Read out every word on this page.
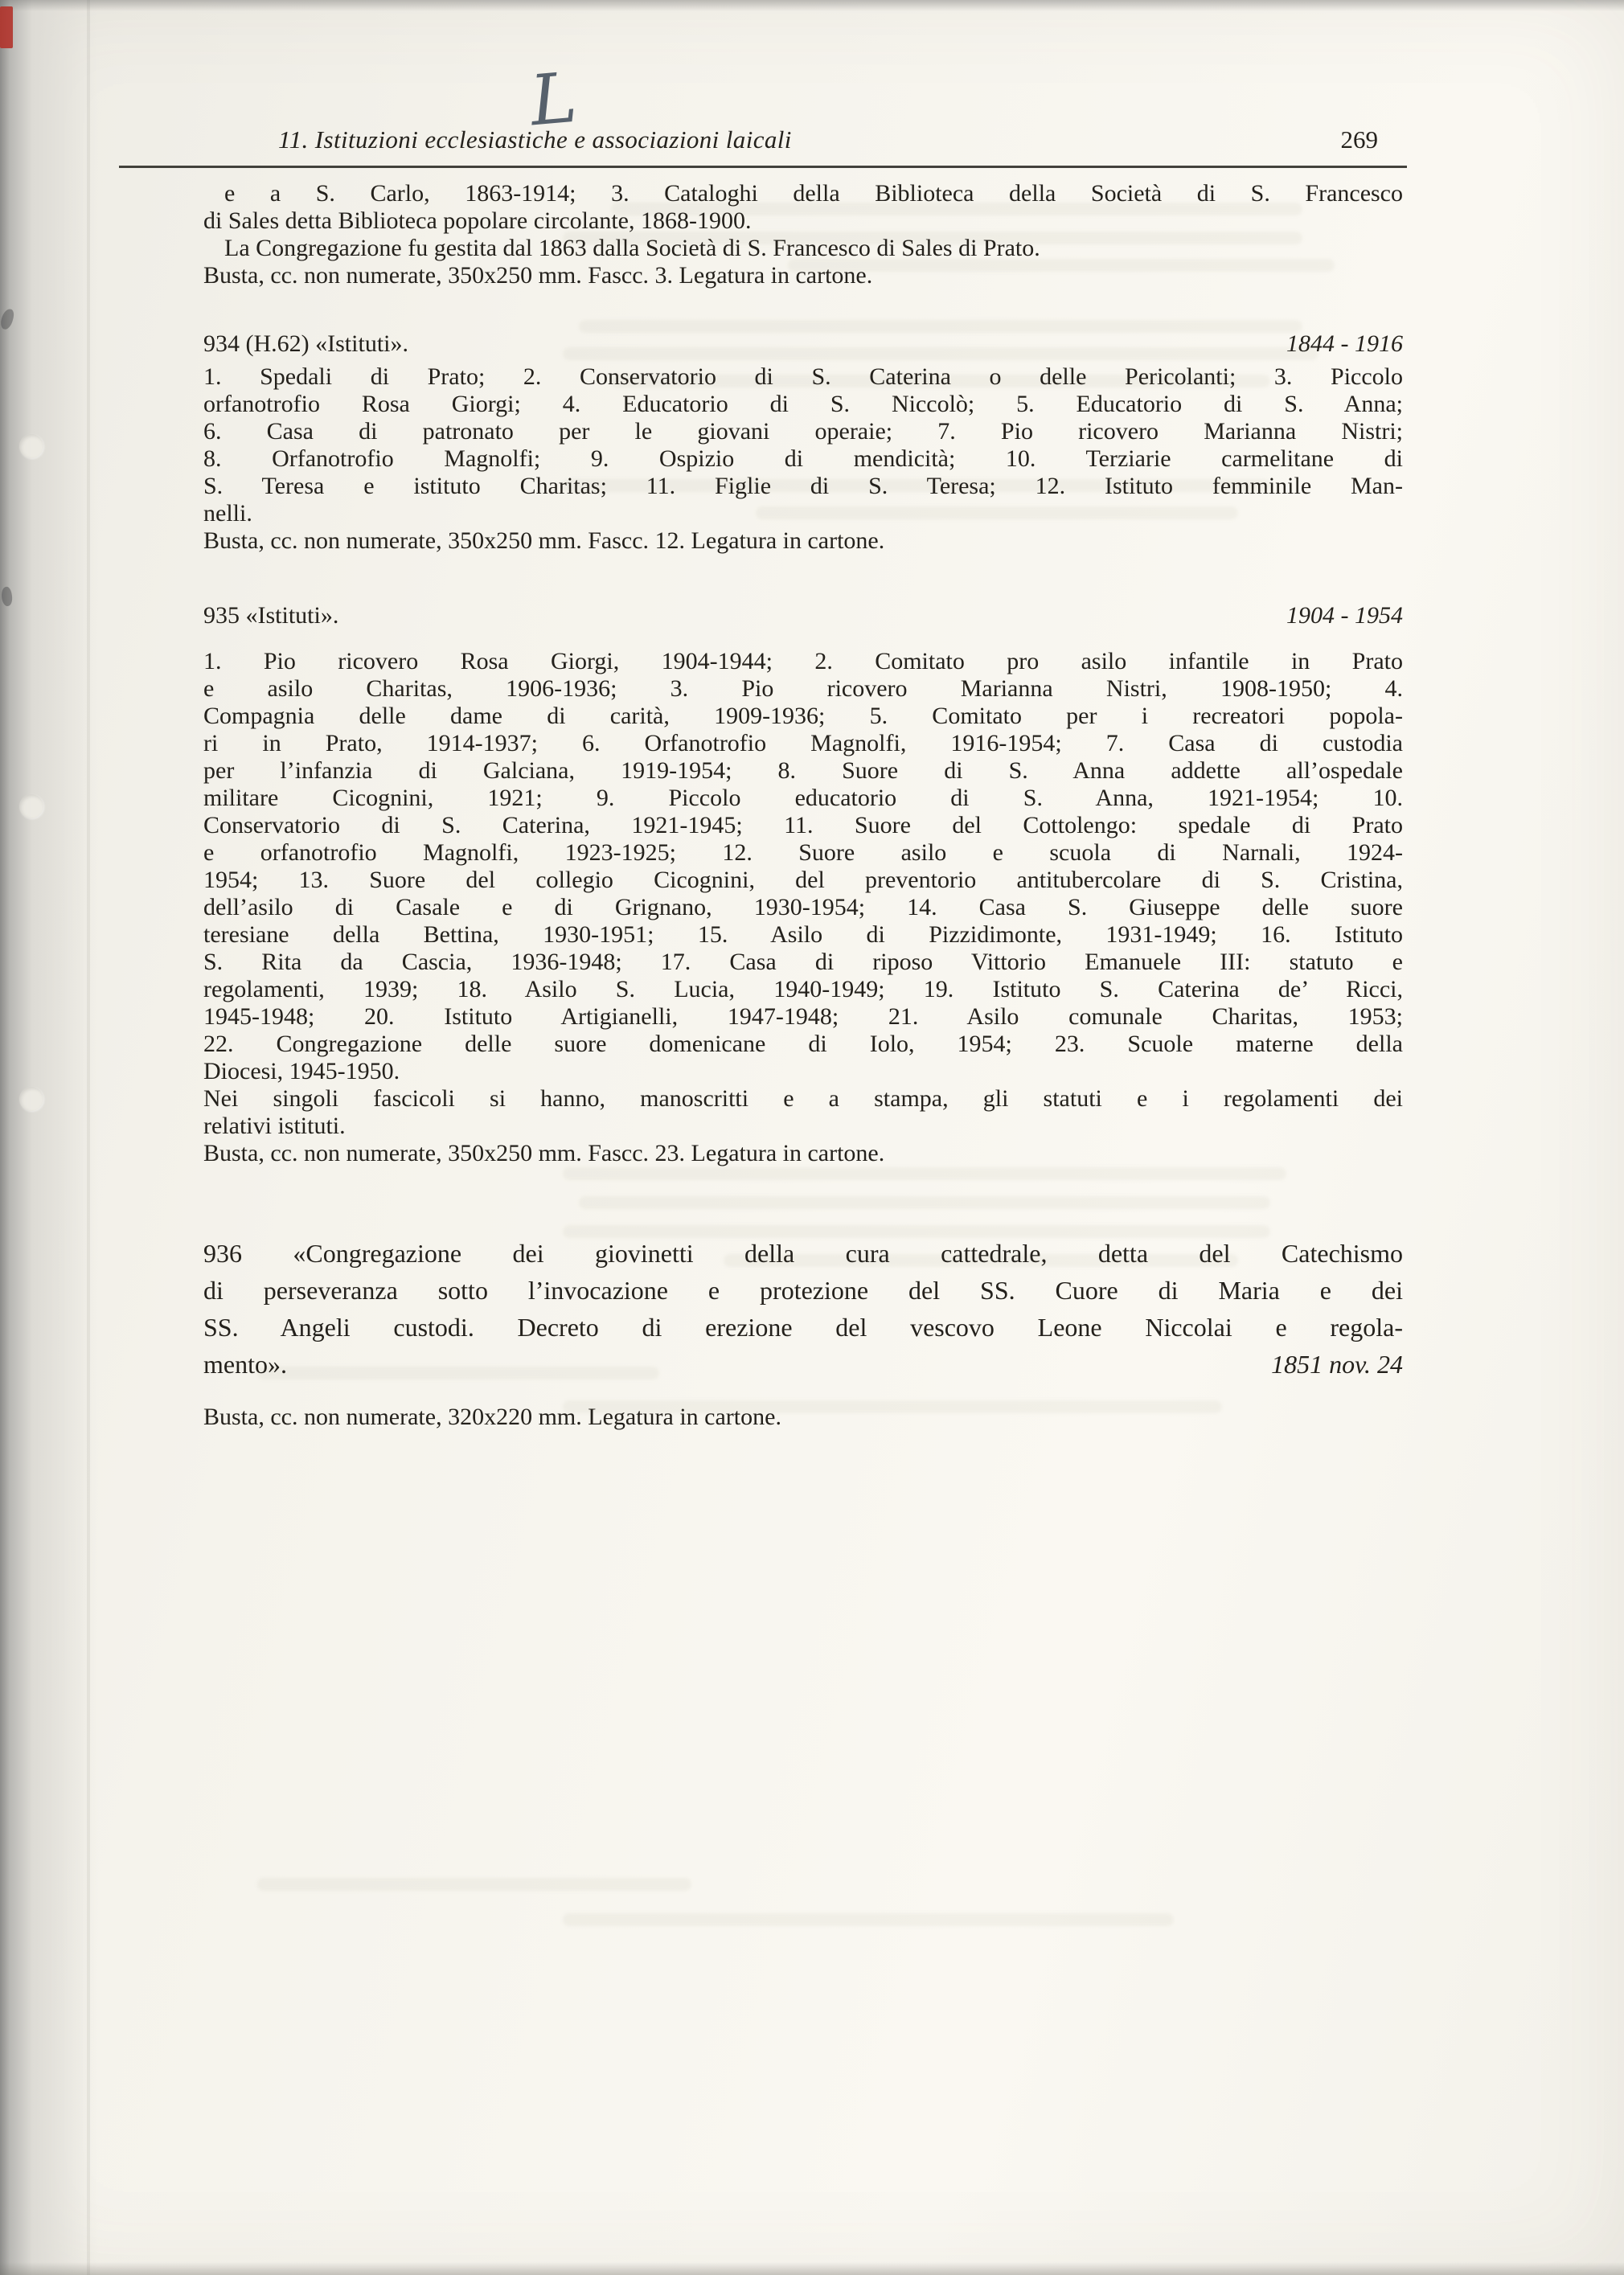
L
11. Istituzioni ecclesiastiche e associazioni laicali	269
e a S. Carlo, 1863-1914; 3. Cataloghi della Biblioteca della Società di S. Francesco
di Sales detta Biblioteca popolare circolante, 1868-1900.
La Congregazione fu gestita dal 1863 dalla Società di S. Francesco di Sales di Prato.
Busta, cc. non numerate, 350x250 mm. Fascc. 3. Legatura in cartone.
934 (H.62) «Istituti».	1844 - 1916
1. Spedali di Prato; 2. Conservatorio di S. Caterina o delle Pericolanti; 3. Piccolo
orfanotrofio Rosa Giorgi; 4. Educatorio di S. Niccolò; 5. Educatorio di S. Anna;
6. Casa di patronato per le giovani operaie; 7. Pio ricovero Marianna Nistri;
8. Orfanotrofio Magnolfi; 9. Ospizio di mendicità; 10. Terziarie carmelitane di
S. Teresa e istituto Charitas; 11. Figlie di S. Teresa; 12. Istituto femminile Man-
nelli.
Busta, cc. non numerate, 350x250 mm. Fascc. 12. Legatura in cartone.
935 «Istituti».	1904 - 1954
1. Pio ricovero Rosa Giorgi, 1904-1944; 2. Comitato pro asilo infantile in Prato
e asilo Charitas, 1906-1936; 3. Pio ricovero Marianna Nistri, 1908-1950; 4.
Compagnia delle dame di carità, 1909-1936; 5. Comitato per i recreatori popola-
ri in Prato, 1914-1937; 6. Orfanotrofio Magnolfi, 1916-1954; 7. Casa di custodia
per l’infanzia di Galciana, 1919-1954; 8. Suore di S. Anna addette all’ospedale
militare Cicognini, 1921; 9. Piccolo educatorio di S. Anna, 1921-1954; 10.
Conservatorio di S. Caterina, 1921-1945; 11. Suore del Cottolengo: spedale di Prato
e orfanotrofio Magnolfi, 1923-1925; 12. Suore asilo e scuola di Narnali, 1924-
1954; 13. Suore del collegio Cicognini, del preventorio antitubercolare di S. Cristina,
dell’asilo di Casale e di Grignano, 1930-1954; 14. Casa S. Giuseppe delle suore
teresiane della Bettina, 1930-1951; 15. Asilo di Pizzidimonte, 1931-1949; 16. Istituto
S. Rita da Cascia, 1936-1948; 17. Casa di riposo Vittorio Emanuele III: statuto e
regolamenti, 1939; 18. Asilo S. Lucia, 1940-1949; 19. Istituto S. Caterina de’ Ricci,
1945-1948; 20. Istituto Artigianelli, 1947-1948; 21. Asilo comunale Charitas, 1953;
22. Congregazione delle suore domenicane di Iolo, 1954; 23. Scuole materne della
Diocesi, 1945-1950.
Nei singoli fascicoli si hanno, manoscritti e a stampa, gli statuti e i regolamenti dei
relativi istituti.
Busta, cc. non numerate, 350x250 mm. Fascc. 23. Legatura in cartone.
936 «Congregazione dei giovinetti della cura cattedrale, detta del Catechismo
di perseveranza sotto l’invocazione e protezione del SS. Cuore di Maria e dei
SS. Angeli custodi. Decreto di erezione del vescovo Leone Niccolai e regola-
mento».	1851 nov. 24
Busta, cc. non numerate, 320x220 mm. Legatura in cartone.
